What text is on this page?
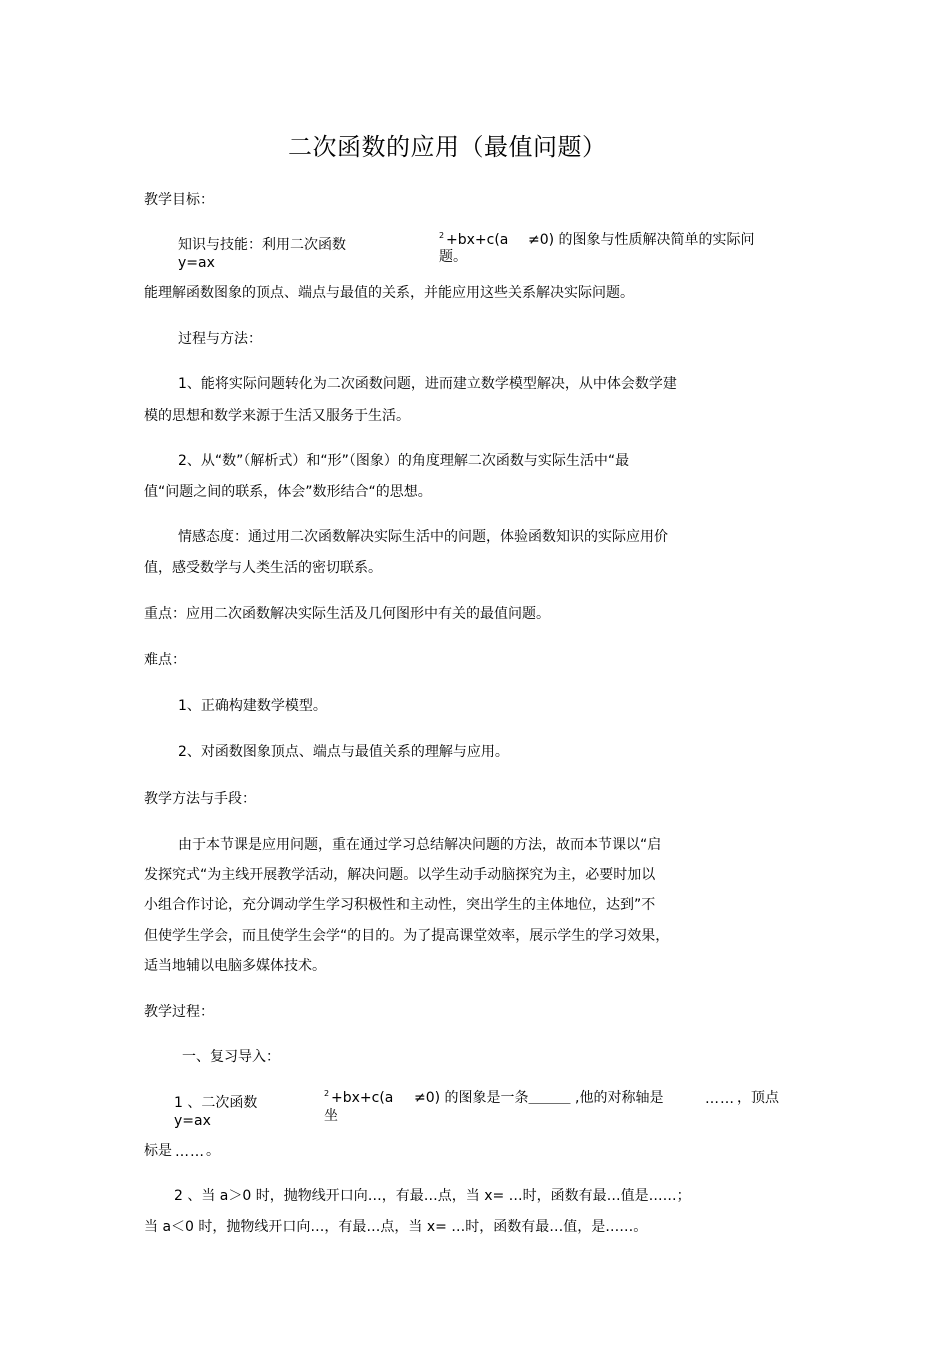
二次函数的应用（最值问题）
教学目标：
知识与技能：利用二次函数
y=ax
2 +bx+c(a ≠0) 的图象与性质解决简单的实际问
题。
能理解函数图象的顶点、端点与最值的关系，并能应用这些关系解决实际问题。
过程与方法：
1、能将实际问题转化为二次函数问题，进而建立数学模型解决，从中体会数学建
模的思想和数学来源于生活又服务于生活。
2、从“数”（解析式）和“形”（图象）的角度理解二次函数与实际生活中“最
值“问题之间的联系，体会”数形结合“的思想。
情感态度：通过用二次函数解决实际生活中的问题，体验函数知识的实际应用价
值，感受数学与人类生活的密切联系。
重点：应用二次函数解决实际生活及几何图形中有关的最值问题。
难点：
1、正确构建数学模型。
2、对函数图象顶点、端点与最值关系的理解与应用。
教学方法与手段：
由于本节课是应用问题，重在通过学习总结解决问题的方法，故而本节课以“启
发探究式“为主线开展教学活动，解决问题。以学生动手动脑探究为主，必要时加以
小组合作讨论，充分调动学生学习积极性和主动性，突出学生的主体地位，达到”不
但使学生学会，而且使学生会学“的目的。为了提高课堂效率，展示学生的学习效果，
适当地辅以电脑多媒体技术。
教学过程：
一、复习导入：
1 、二次函数
y=ax
2 +bx+c(a ≠0) 的图象是一条＿＿＿ ,他的对称轴是	…… ，顶点
坐
标是 …… 。
2 、当 a＞0 时，抛物线开口向…，有最…点，当 x= …时，函数有最…值是……；
当 a＜0 时，抛物线开口向…，有最…点，当 x= …时，函数有最…值，是……。
